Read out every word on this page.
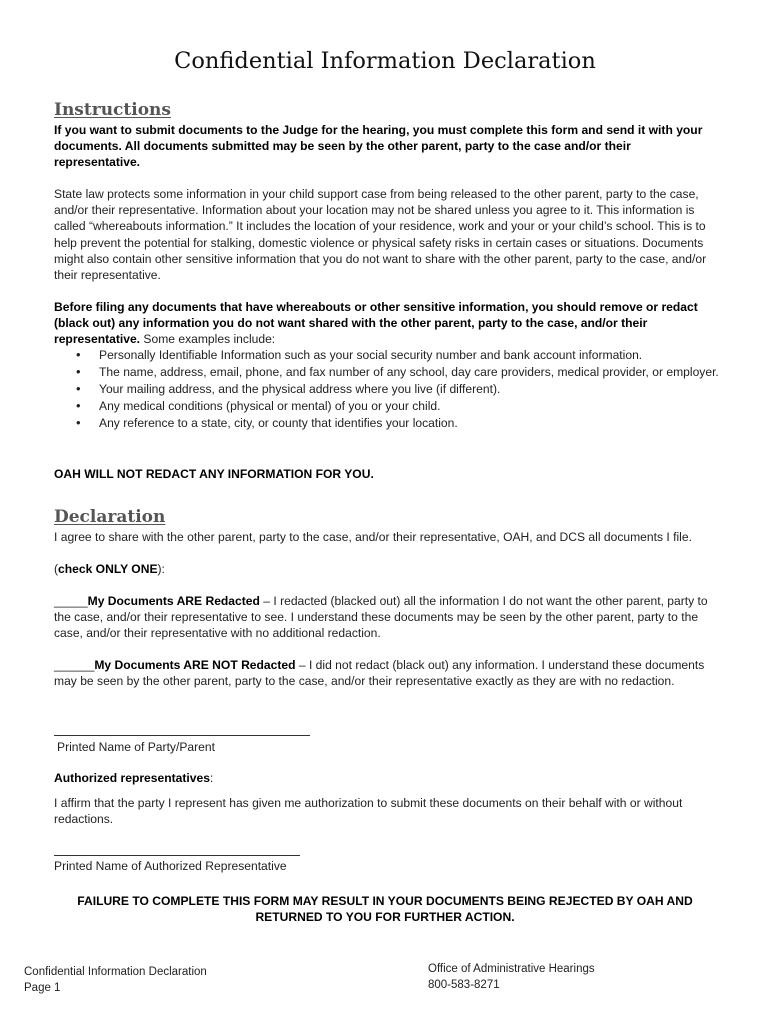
Confidential Information Declaration
Instructions
If you want to submit documents to the Judge for the hearing, you must complete this form and send it with your documents. All documents submitted may be seen by the other parent, party to the case and/or their representative.
State law protects some information in your child support case from being released to the other parent, party to the case, and/or their representative. Information about your location may not be shared unless you agree to it. This information is called “whereabouts information.” It includes the location of your residence, work and your or your child’s school. This is to help prevent the potential for stalking, domestic violence or physical safety risks in certain cases or situations. Documents might also contain other sensitive information that you do not want to share with the other parent, party to the case, and/or their representative.
Before filing any documents that have whereabouts or other sensitive information, you should remove or redact (black out) any information you do not want shared with the other parent, party to the case, and/or their representative. Some examples include:
• Personally Identifiable Information such as your social security number and bank account information.
• The name, address, email, phone, and fax number of any school, day care providers, medical provider, or employer.
• Your mailing address, and the physical address where you live (if different).
• Any medical conditions (physical or mental) of you or your child.
• Any reference to a state, city, or county that identifies your location.
OAH WILL NOT REDACT ANY INFORMATION FOR YOU.
Declaration
I agree to share with the other parent, party to the case, and/or their representative, OAH, and DCS all documents I file.
(check ONLY ONE):
_____My Documents ARE Redacted – I redacted (blacked out) all the information I do not want the other parent, party to the case, and/or their representative to see. I understand these documents may be seen by the other parent, party to the case, and/or their representative with no additional redaction.
______My Documents ARE NOT Redacted – I did not redact (black out) any information. I understand these documents may be seen by the other parent, party to the case, and/or their representative exactly as they are with no redaction.
Printed Name of Party/Parent
Authorized representatives:
I affirm that the party I represent has given me authorization to submit these documents on their behalf with or without redactions.
Printed Name of Authorized Representative
FAILURE TO COMPLETE THIS FORM MAY RESULT IN YOUR DOCUMENTS BEING REJECTED BY OAH AND
RETURNED TO YOU FOR FURTHER ACTION.
Confidential Information Declaration
Page 1
Office of Administrative Hearings
800-583-8271
